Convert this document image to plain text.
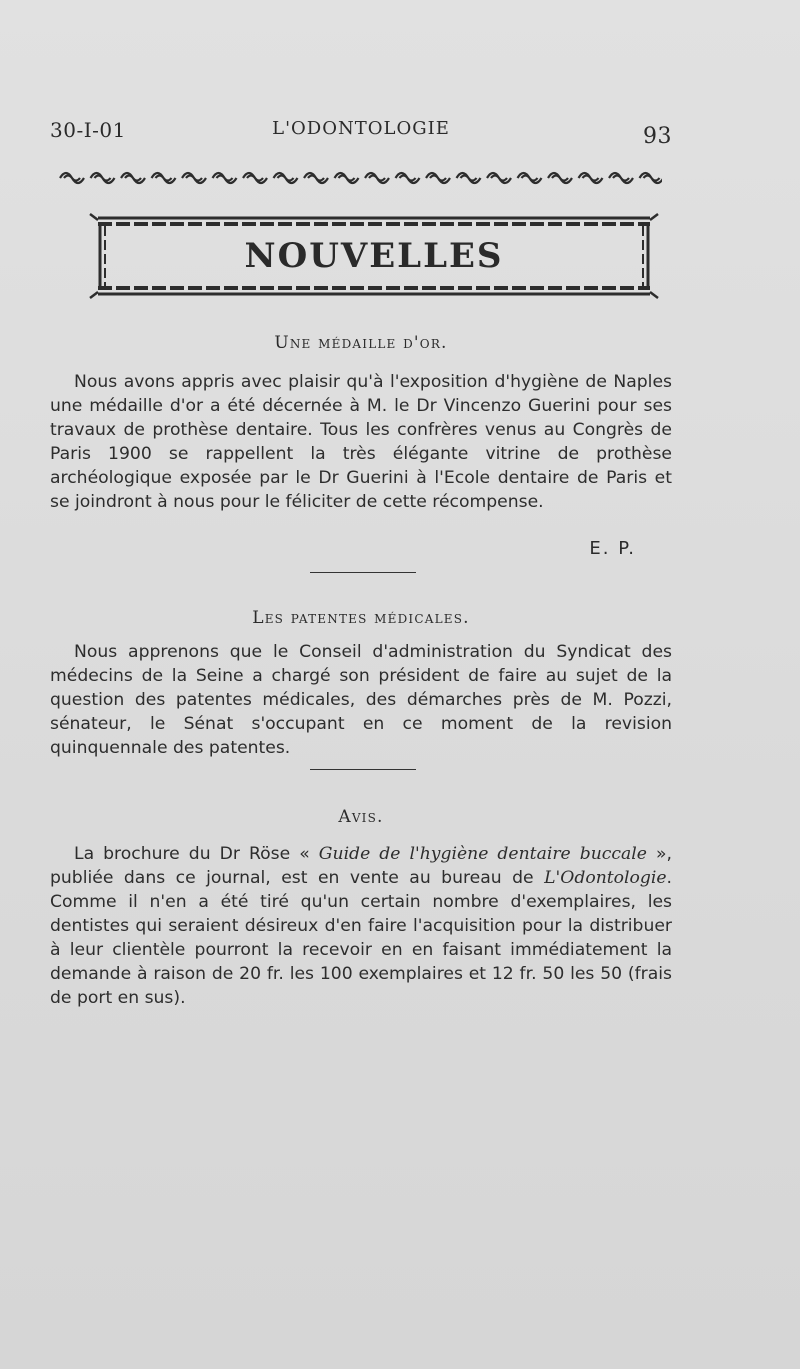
30-I-01	L'ODONTOLOGIE	93
NOUVELLES
Une médaille d'or.

Nous avons appris avec plaisir qu'à l'exposition d'hygiène de Naples une médaille d'or a été décernée à M. le Dr Vincenzo Guerini pour ses travaux de prothèse dentaire. Tous les confrères venus au Congrès de Paris 1900 se rappellent la très élégante vitrine de prothèse archéologique exposée par le Dr Guerini à l'Ecole dentaire de Paris et se joindront à nous pour le féliciter de cette récompense.

E. P.
Les patentes médicales.

Nous apprenons que le Conseil d'administration du Syndicat des médecins de la Seine a chargé son président de faire au sujet de la question des patentes médicales, des démarches près de M. Pozzi, sénateur, le Sénat s'occupant en ce moment de la revision quinquennale des patentes.

Avis.

La brochure du Dr Röse « Guide de l'hygiène dentaire buccale », publiée dans ce journal, est en vente au bureau de L'Odontologie. Comme il n'en a été tiré qu'un certain nombre d'exemplaires, les dentistes qui seraient désireux d'en faire l'acquisition pour la distribuer à leur clientèle pourront la recevoir en en faisant immédiatement la demande à raison de 20 fr. les 100 exemplaires et 12 fr. 50 les 50 (frais de port en sus).
